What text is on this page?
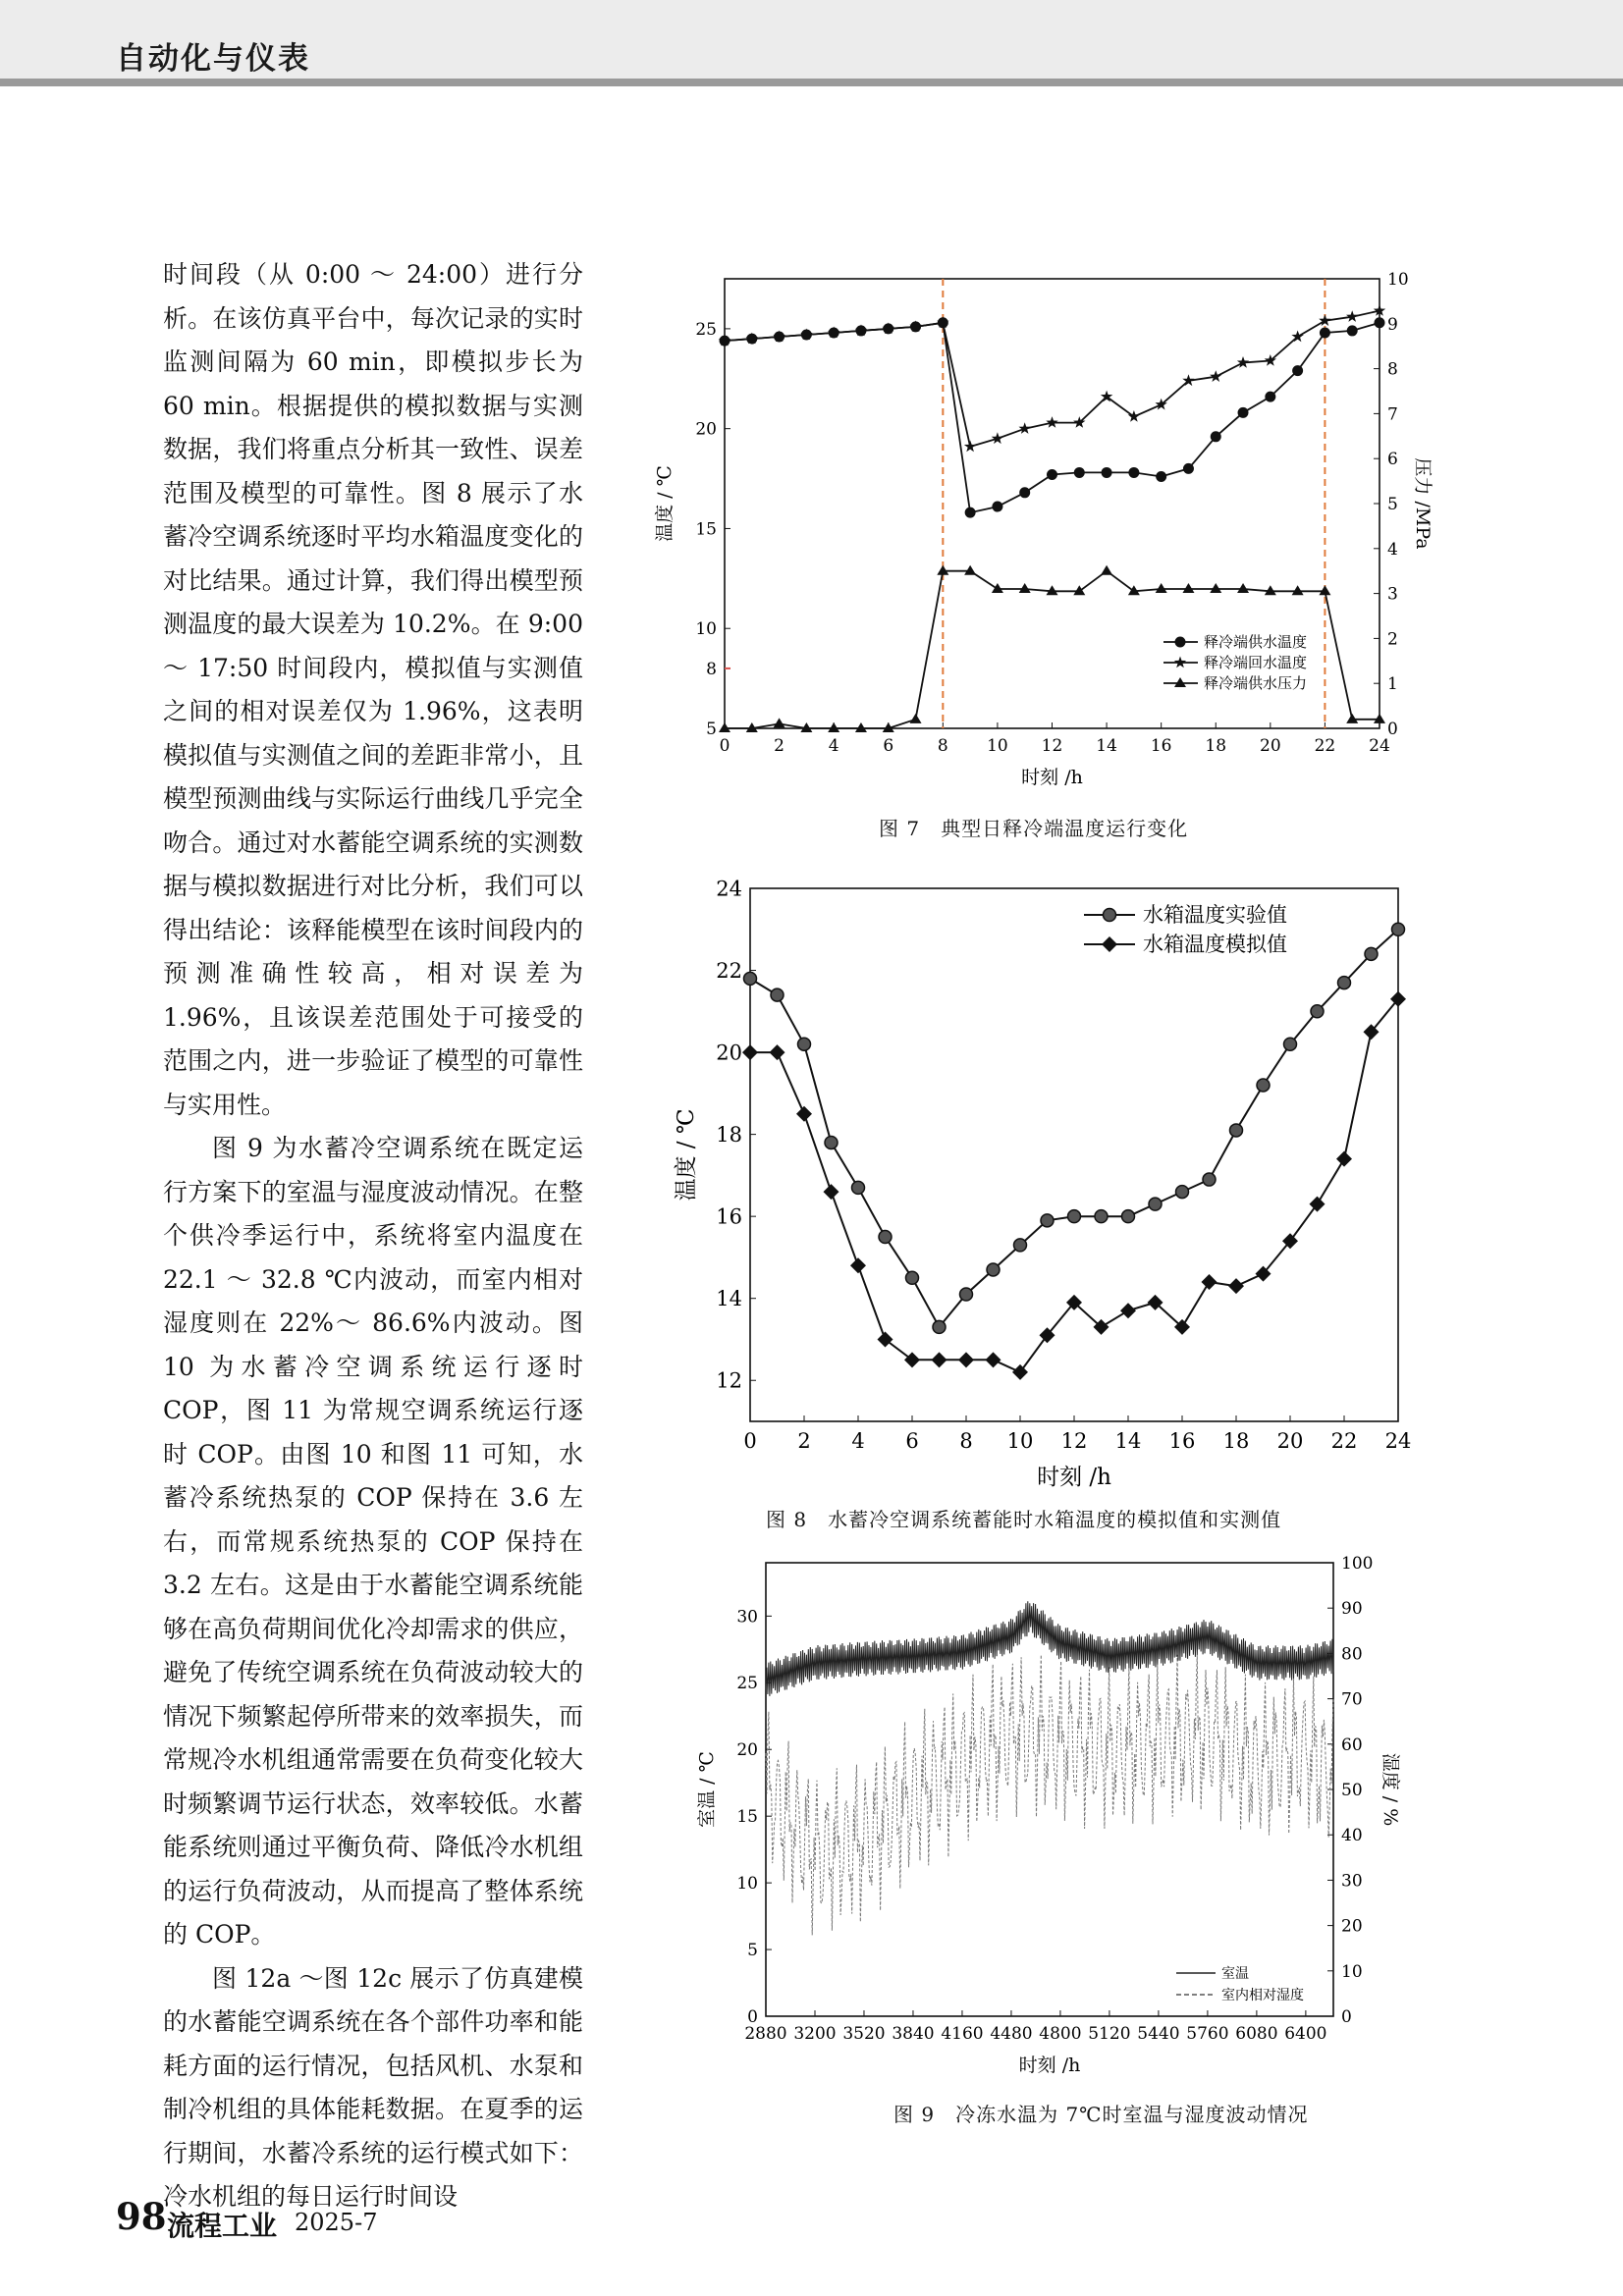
自动化与仪表

时间段（从 0:00 ～ 24:00）进行分析。在该仿真平台中，每次记录的实时监测间隔为 60 min，即模拟步长为 60 min。根据提供的模拟数据与实测数据，我们将重点分析其一致性、误差范围及模型的可靠性。图 8 展示了水蓄冷空调系统逐时平均水箱温度变化的对比结果。通过计算，我们得出模型预测温度的最大误差为 10.2%。在 9:00 ～ 17:50 时间段内，模拟值与实测值之间的相对误差仅为 1.96%，这表明模拟值与实测值之间的差距非常小，且模型预测曲线与实际运行曲线几乎完全吻合。通过对水蓄能空调系统的实测数据与模拟数据进行对比分析，我们可以得出结论：该释能模型在该时间段内的预测准确性较高，相对误差为 1.96%，且该误差范围处于可接受的范围之内，进一步验证了模型的可靠性与实用性。

图 9 为水蓄冷空调系统在既定运行方案下的室温与湿度波动情况。在整个供冷季运行中，系统将室内温度在 22.1 ～ 32.8 ℃内波动，而室内相对湿度则在 22%～ 86.6%内波动。图 10 为水蓄冷空调系统运行逐时 COP，图 11 为常规空调系统运行逐时 COP。由图 10 和图 11 可知，水蓄冷系统热泵的 COP 保持在 3.6 左右，而常规系统热泵的 COP 保持在 3.2 左右。这是由于水蓄能空调系统能够在高负荷期间优化冷却需求的供应，避免了传统空调系统在负荷波动较大的情况下频繁起停所带来的效率损失，而常规冷水机组通常需要在负荷变化较大时频繁调节运行状态，效率较低。水蓄能系统则通过平衡负荷、降低冷水机组的运行负荷波动，从而提高了整体系统的 COP。

图 12a ～图 12c 展示了仿真建模的水蓄能空调系统在各个部件功率和能耗方面的运行情况，包括风机、水泵和制冷机组的具体能耗数据。在夏季的运行期间，水蓄冷系统的运行模式如下：冷水机组的每日运行时间设

0	2	4	6	8 10 12 14 16 18 20 22 24
5
10
15
20
25
0
1
2
3
4
5
6
7
8
9
10
8
时刻 /h
温度 / ℃	压力 /MPa
释冷端供水温度
释冷端回水温度
释冷端供水压力
图 7　典型日释冷端温度运行变化
0 2 4 6 8 10 12 14 16 18 20 22 24
12
14
16
18
20
22
24
时刻 /h
温度 / ℃
水箱温度实验值
水箱温度模拟值
图 8　水蓄冷空调系统蓄能时水箱温度的模拟值和实测值
2880 3200 3520 3840 4160 4480 4800 5120 5440 5760 6080 6400
0
5
10
15
20
25
30
0
10
20
30
40
50
60
70
80
90
100
时刻 /h
室温 / ℃	湿度 / %
室温
室内相对湿度
图 9　冷冻水温为 7℃时室温与湿度波动情况
98 流程工业 2025-7
